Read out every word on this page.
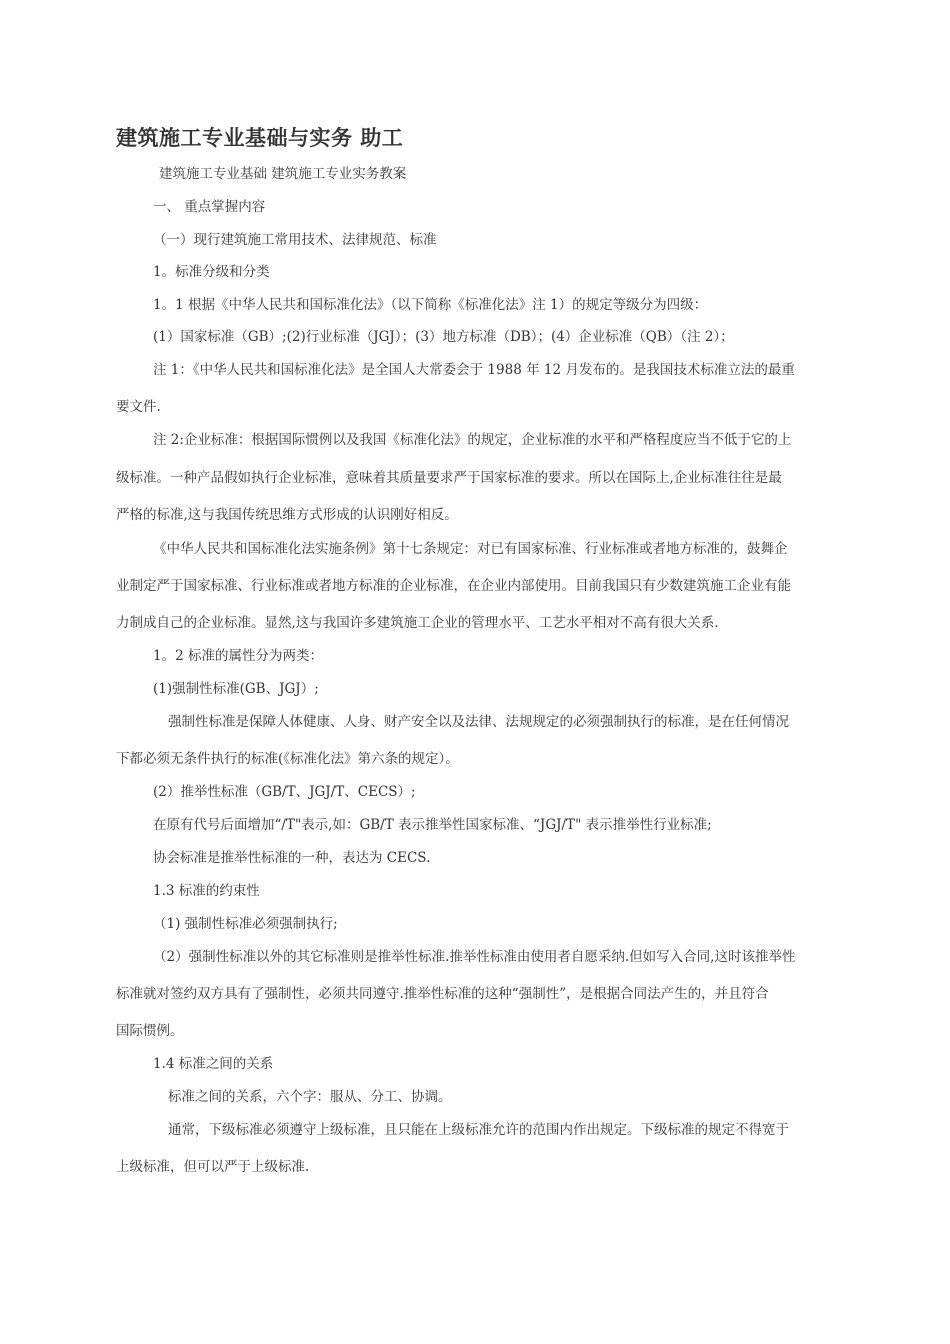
建筑施工专业基础与实务 助工
建筑施工专业基础 建筑施工专业实务教案
一、 重点掌握内容
（一）现行建筑施工常用技术、法律规范、标准
1。标准分级和分类
1。1 根据《中华人民共和国标准化法》（以下简称《标准化法》注 1）的规定等级分为四级：
(1）国家标准（GB）;(2)行业标准（JGJ）；(3）地方标准（DB）；(4）企业标准（QB）（注 2）；
注 1：《中华人民共和国标准化法》是全国人大常委会于 1988 年 12 月发布的。是我国技术标准立法的最重
要文件.
注 2:企业标准：根据国际惯例以及我国《标准化法》的规定，企业标准的水平和严格程度应当不低于它的上
级标准。一种产品假如执行企业标准，意味着其质量要求严于国家标准的要求。所以在国际上,企业标准往往是最
严格的标准,这与我国传统思维方式形成的认识刚好相反。
《中华人民共和国标准化法实施条例》第十七条规定：对已有国家标准、行业标准或者地方标准的，鼓舞企
业制定严于国家标准、行业标准或者地方标准的企业标准，在企业内部使用。目前我国只有少数建筑施工企业有能
力制成自己的企业标准。显然,这与我国许多建筑施工企业的管理水平、工艺水平相对不高有很大关系.
1。2 标准的属性分为两类：
(1)强制性标准(GB、JGJ）;
强制性标准是保障人体健康、人身、财产安全以及法律、法规规定的必须强制执行的标准，是在任何情况
下都必须无条件执行的标准(《标准化法》第六条的规定）。
(2）推举性标准（GB/T、JGJ/T、CECS）;
在原有代号后面增加“/T"表示,如：GB/T 表示推举性国家标准、“JGJ/T" 表示推举性行业标准;
协会标准是推举性标准的一种，表达为 CECS.
1.3 标准的约束性
（1) 强制性标准必须强制执行;
（2）强制性标准以外的其它标准则是推举性标准.推举性标准由使用者自愿采纳.但如写入合同,这时该推举性
标准就对签约双方具有了强制性，必须共同遵守.推举性标准的这种“强制性”，是根据合同法产生的，并且符合
国际惯例。
1.4 标准之间的关系
标准之间的关系，六个字：服从、分工、协调。
通常，下级标准必须遵守上级标准，且只能在上级标准允许的范围内作出规定。下级标准的规定不得宽于
上级标准，但可以严于上级标准.
